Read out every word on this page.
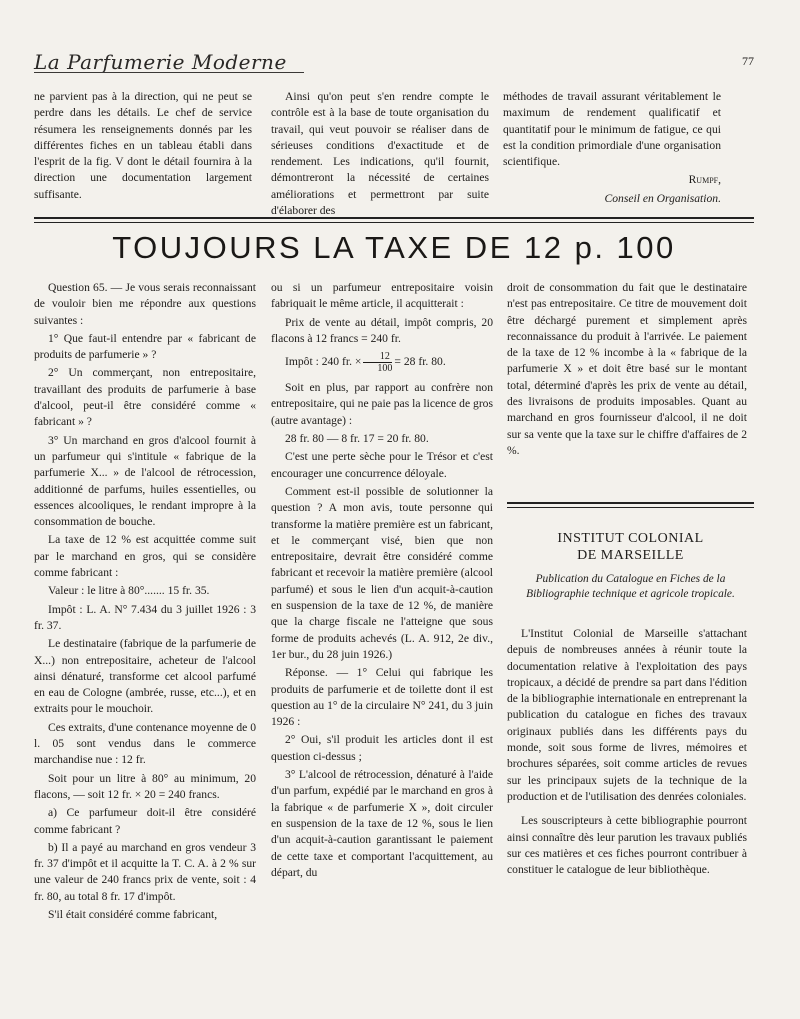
La Parfumerie Moderne	77

ne parvient pas à la direction, qui ne peut se perdre dans les détails. Le chef de service résumera les renseignements donnés par les différentes fiches en un tableau établi dans l'esprit de la fig. V dont le détail fournira à la direction une documentation largement suffisante.

Ainsi qu'on peut s'en rendre compte le contrôle est à la base de toute organisation du travail, qui veut pouvoir se réaliser dans de sérieuses conditions d'exactitude et de rendement. Les indications, qu'il fournit, démontreront la nécessité de certaines améliorations et permettront par suite d'élaborer des

méthodes de travail assurant véritablement le maximum de rendement qualificatif et quantitatif pour le minimum de fatigue, ce qui est la condition primordiale d'une organisation scientifique.

Rumpf,

Conseil en Organisation.

TOUJOURS LA TAXE DE 12 p. 100

Question 65. — Je vous serais reconnaissant de vouloir bien me répondre aux questions suivantes :

1° Que faut-il entendre par « fabricant de produits de parfumerie » ?

2° Un commerçant, non entrepositaire, travaillant des produits de parfumerie à base d'alcool, peut-il être considéré comme « fabricant » ?

3° Un marchand en gros d'alcool fournit à un parfumeur qui s'intitule « fabrique de la parfumerie X... » de l'alcool de rétrocession, additionné de parfums, huiles essentielles, ou essences alcooliques, le rendant impropre à la consommation de bouche.

La taxe de 12 % est acquittée comme suit par le marchand en gros, qui se considère comme fabricant :

Valeur : le litre à 80°....... 15 fr. 35.

Impôt : L. A. N° 7.434 du 3 juillet 1926 : 3 fr. 37.

Le destinataire (fabrique de la parfumerie de X...) non entrepositaire, acheteur de l'alcool ainsi dénaturé, transforme cet alcool parfumé en eau de Cologne (ambrée, russe, etc...), et en extraits pour le mouchoir.

Ces extraits, d'une contenance moyenne de 0 l. 05 sont vendus dans le commerce marchandise nue : 12 fr.

Soit pour un litre à 80° au minimum, 20 flacons, — soit 12 fr. × 20 = 240 francs.

a) Ce parfumeur doit-il être considéré comme fabricant ?

b) Il a payé au marchand en gros vendeur 3 fr. 37 d'impôt et il acquitte la T. C. A. à 2 % sur une valeur de 240 francs prix de vente, soit : 4 fr. 80, au total 8 fr. 17 d'impôt.

S'il était considéré comme fabricant,

ou si un parfumeur entrepositaire voisin fabriquait le même article, il acquitterait :

Prix de vente au détail, impôt compris, 20 flacons à 12 francs = 240 fr.

Impôt : 240 fr. × $\frac{12}{100} = 28$ fr. 80.

Soit en plus, par rapport au confrère non entrepositaire, qui ne paie pas la licence de gros (autre avantage) :

28 fr. 80 — 8 fr. 17 = 20 fr. 80.

C'est une perte sèche pour le Trésor et c'est encourager une concurrence déloyale.

Comment est-il possible de solutionner la question ? A mon avis, toute personne qui transforme la matière première est un fabricant, et le commerçant visé, bien que non entrepositaire, devrait être considéré comme fabricant et recevoir la matière première (alcool parfumé) et sous le lien d'un acquit-à-caution en suspension de la taxe de 12 %, de manière que la charge fiscale ne l'atteigne que sous forme de produits achevés (L. A. 912, 2e div., 1er bur., du 28 juin 1926.)

Réponse. — 1° Celui qui fabrique les produits de parfumerie et de toilette dont il est question au 1° de la circulaire N° 241, du 3 juin 1926 :

2° Oui, s'il produit les articles dont il est question ci-dessus ;

3° L'alcool de rétrocession, dénaturé à l'aide d'un parfum, expédié par le marchand en gros à la fabrique « de parfumerie X », doit circuler en suspension de la taxe de 12 %, sous le lien d'un acquit-à-caution garantissant le paiement de cette taxe et comportant l'acquittement, au départ, du

droit de consommation du fait que le destinataire n'est pas entrepositaire. Ce titre de mouvement doit être déchargé purement et simplement après reconnaissance du produit à l'arrivée. Le paiement de la taxe de 12 % incombe à la « fabrique de la parfumerie X » et doit être basé sur le montant total, déterminé d'après les prix de vente au détail, des livraisons de produits imposables. Quant au marchand en gros fournisseur d'alcool, il ne doit sur sa vente que la taxe sur le chiffre d'affaires de 2 %.

INSTITUT COLONIAL
DE MARSEILLE
Publication du Catalogue en Fiches de la Bibliographie technique et agricole tropicale.

L'Institut Colonial de Marseille s'attachant depuis de nombreuses années à réunir toute la documentation relative à l'exploitation des pays tropicaux, a décidé de prendre sa part dans l'édition de la bibliographie internationale en entreprenant la publication du catalogue en fiches des travaux originaux publiés dans les différents pays du monde, soit sous forme de livres, mémoires et brochures séparées, soit comme articles de revues sur les principaux sujets de la technique de la production et de l'utilisation des denrées coloniales.

Les souscripteurs à cette bibliographie pourront ainsi connaître dès leur parution les travaux publiés sur ces matières et ces fiches pourront contribuer à constituer le catalogue de leur bibliothèque.
